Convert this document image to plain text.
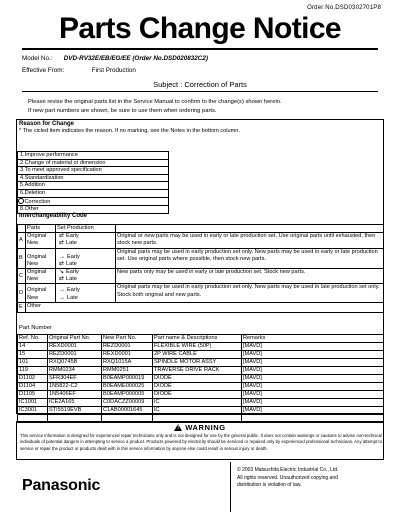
Order No.DSD0302701P8
Parts Change Notice
Model No.: DVD-RV32E/EB/EG/EE (Order No.DSD020832C2)
Effective From:	First Production
Subject : Correction of Parts
Please revise the original parts list in the Service Manual to confirm to the change(s) shown herein.
If new part numbers are shown, be sure to use them when ordering parts.
Reason for Change
* The cicled item indicates the reason. If no marking, see the Notes in the bottom column.
1.Improve performance
2.Change of material or dimension
3.To meet approved specification
4.Standardization
5.Addition
6.Deletion
Correction
8.Other
Interchangeability Code
	Parts	Set Production	
A	Original
New	⇄ Early
⇄ Late	Original or new parts may be used in early or late production set. Use original parts until exhausted, then stock new parts.
B	Original
New	→ Early
⇄ Late	Original parts may be used in early production set only. New parts may be used in early or late production set. Use original parts where possible, then stock new parts.
C	Original
New	↘ Early
⇄ Late	New parts only may be used in early or late production set. Stock new parts.
D	Original
New	→ Early
→ Late	Original parts may be used in early production set only. New parts may be used in late production set only. Stock both original and new parts.
E	Other		
Part Number
Ref. No.	Original Part No.	New Part No.	Part name & Descriptions	Remarks
14	REXD0001	REZD0001	FLEXIBLE WIRE (50P)	[MAVD]
15	REZD0001	REXD0001	2P WIRE CABLE	[MAVD]
101	RXQ0745B	RXQ1015A	SPINDLE MOTOR ASSY	[MAVD]
119	RMM0234	RMM0251	TRAVERSE DRIVE RACK	[MAVD]
D1102	SFR304EF	B0EAMP000019	DIODE	[MAVD]
D1104	1N5822-C2	B0EAME000025	DIODE	[MAVD]
D1105	1N5406EF	B0EAMP000005	DIODE	[MAVD]
IC1001	ICE2A165	C0DACZZ00009	IC	[MAVD]
IC3001	STI5519EVB	C1AB00001645	IC	[MAVD]

! WARNING
This service information is designed for experienced repair technicians only and is not designed for use by the general public. It does not contain warnings or cautions to advise non-technical individuals of potential dangers in attempting to service a product. Products powered by electricity should be serviced or repaired only by experienced professional technicians. Any attempt to service or repair the product or products dealt with in this service information by anyone else could result in serious injury or death.
Panasonic
© 2003 Matsushita Electric Industrial Co., Ltd.
All rights reserved. Unauthorized copying and
distribution is violation of law.
